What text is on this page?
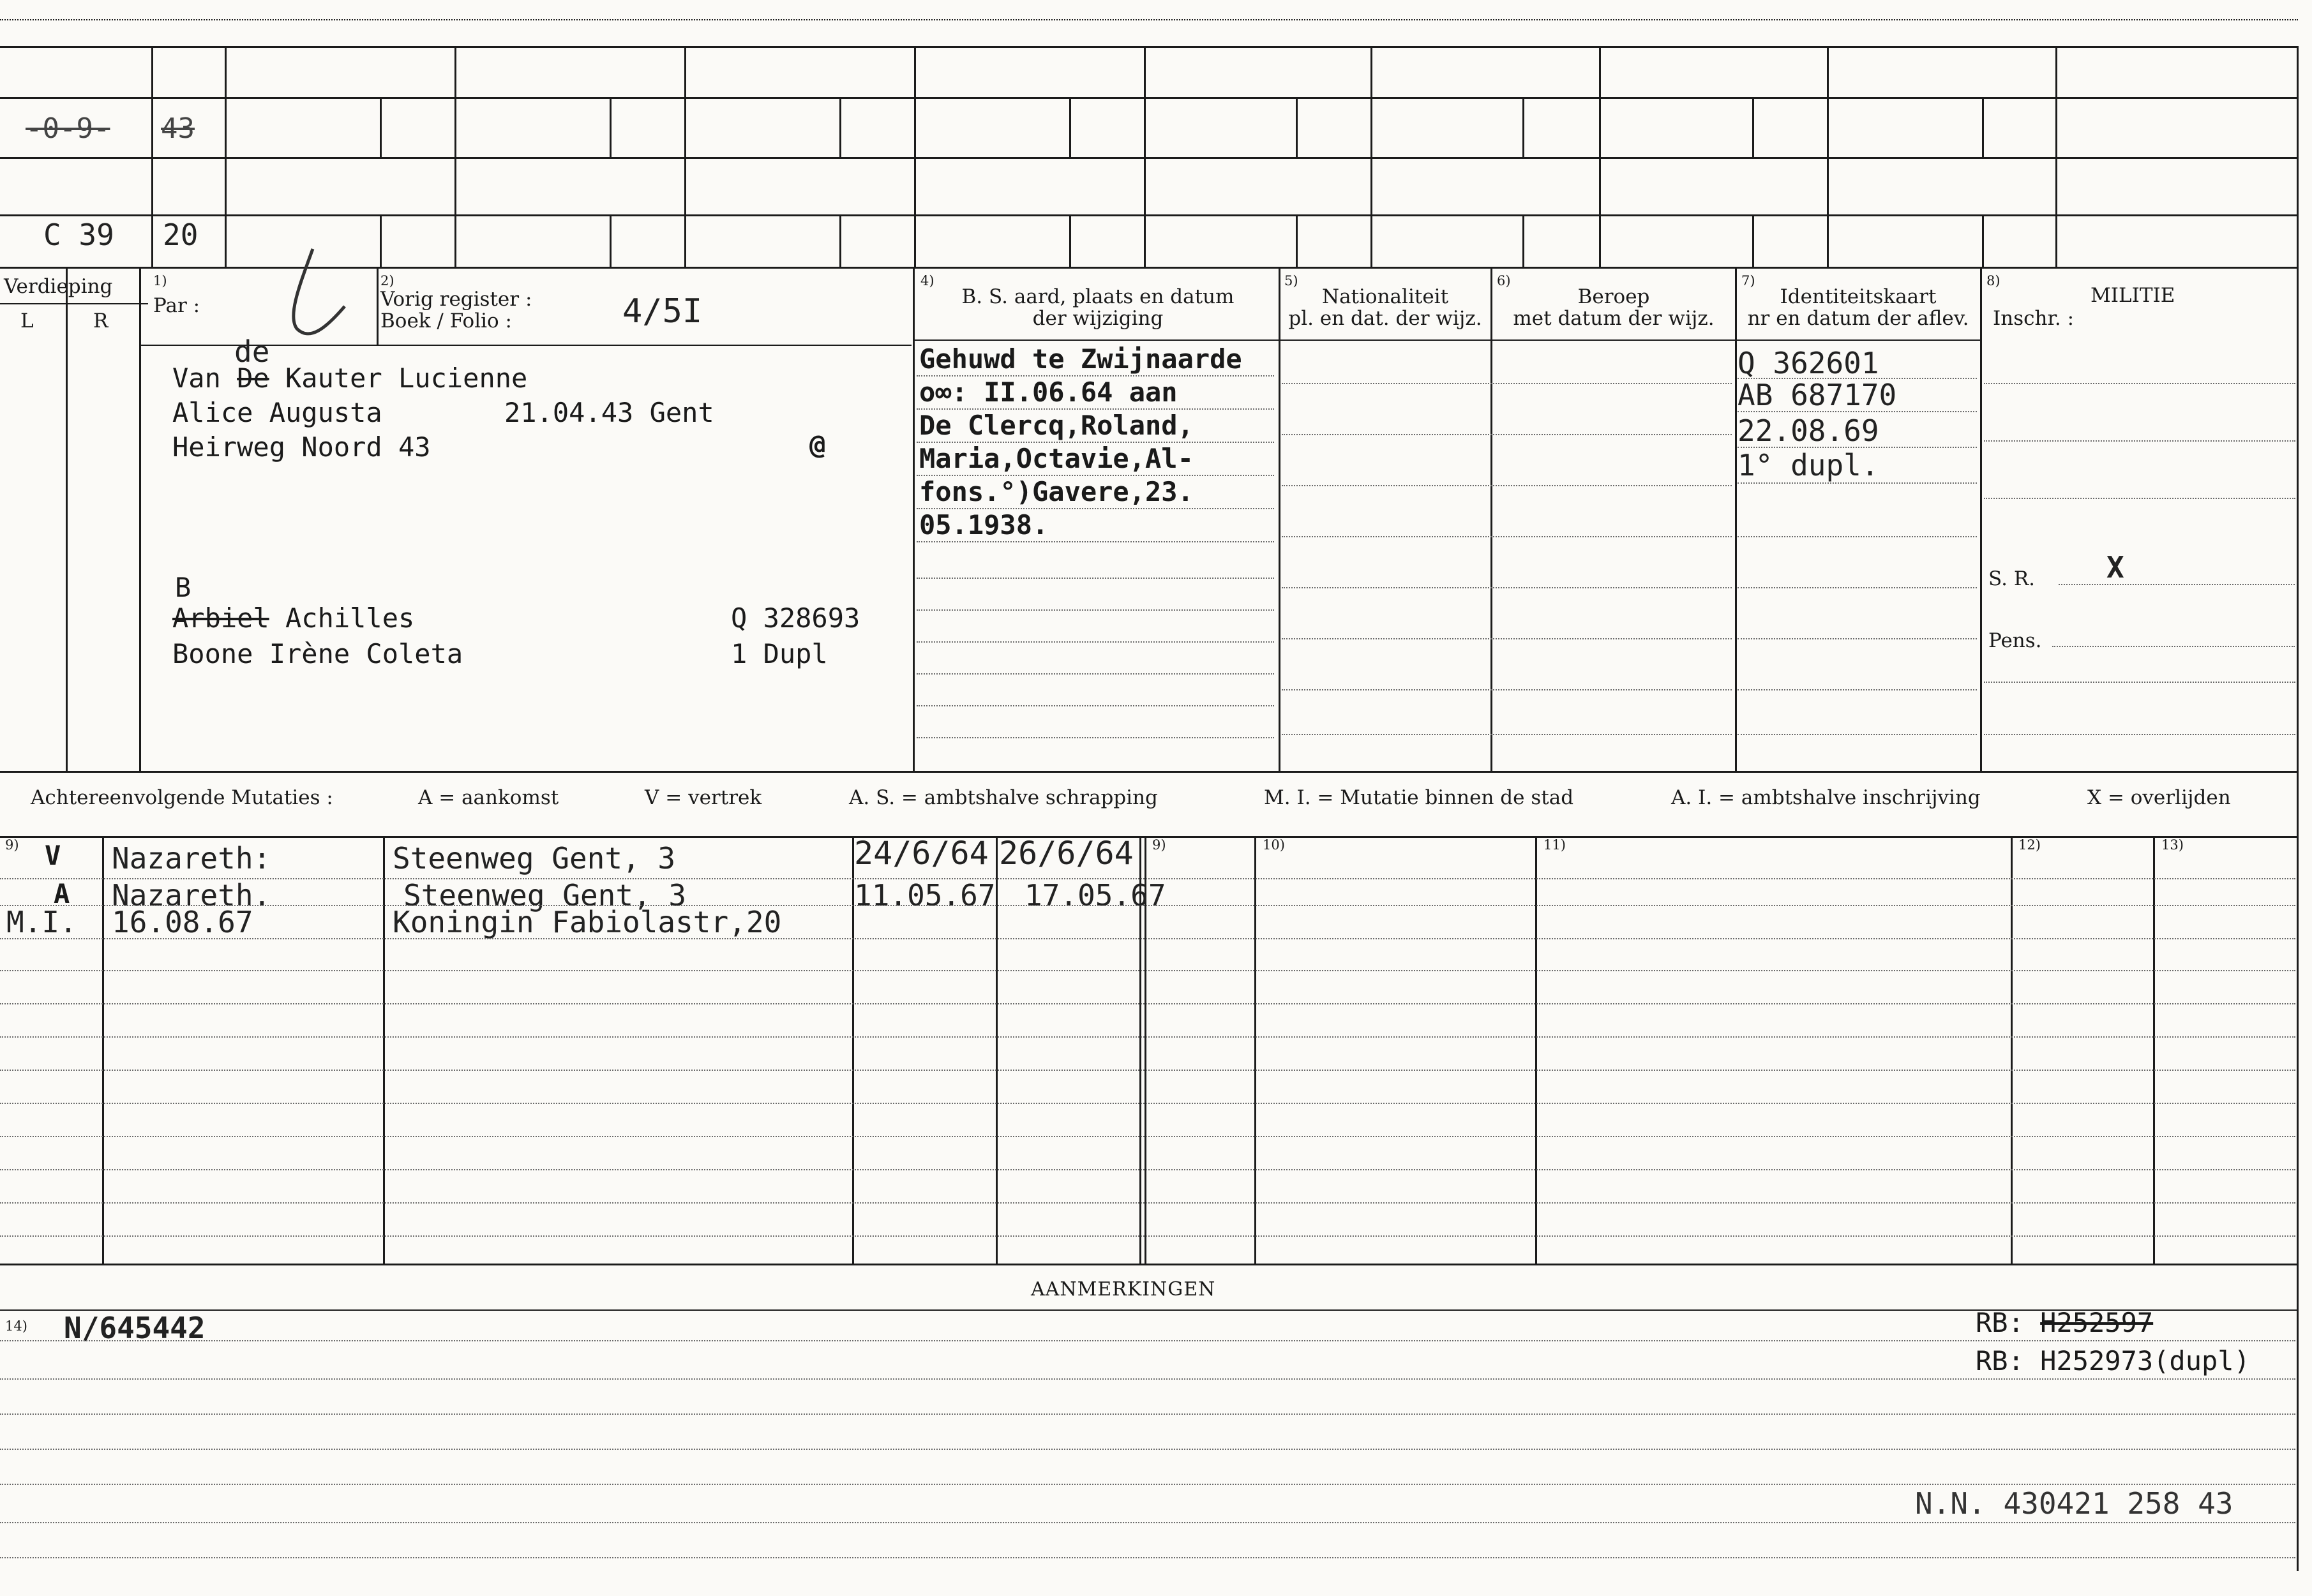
-0-9- 43
C 39 20
Verdieping
L	R
1)
Par :
2)
Vorig register :
Boek / Folio :	4/5I
4)
B. S. aard, plaats en datum
der wijziging
5)
Nationaliteit
pl. en dat. der wijz.
6)
Beroep
met datum der wijz.
7)
Identiteitskaart
nr en datum der aflev.
8)
MILITIE
Inschr. :
S. R. X
Pens.
de
Van De Kauter Lucienne
Alice Augusta	21.04.43 Gent
Heirweg Noord 43	@
B
Arbiel Achilles	Q 328693
Boone Irène Coleta	1 Dupl
Gehuwd te Zwijnaarde
o∞: II.06.64 aan
De Clercq,Roland,
Maria,Octavie,Al-
fons.°)Gavere,23.
05.1938.
Q 362601
AB 687170
22.08.69
1° dupl.
Achtereenvolgende Mutaties :	A = aankomst	V = vertrek	A. S. = ambtshalve schrapping	M. I. = Mutatie binnen de stad	A. I. = ambtshalve inschrijving	X = overlijden
9)	9)	10)	11)	12)	13)
V Nazareth:	Steenweg Gent, 3	24/6/64 26/6/64
A Nazareth.	Steenweg Gent, 3	11.05.67 17.05.67
M.I. 16.08.67	Koningin Fabiolastr,20
AANMERKINGEN
14) N/645442	RB: H252597
RB: H252973(dupl)
N.N. 430421 258 43
